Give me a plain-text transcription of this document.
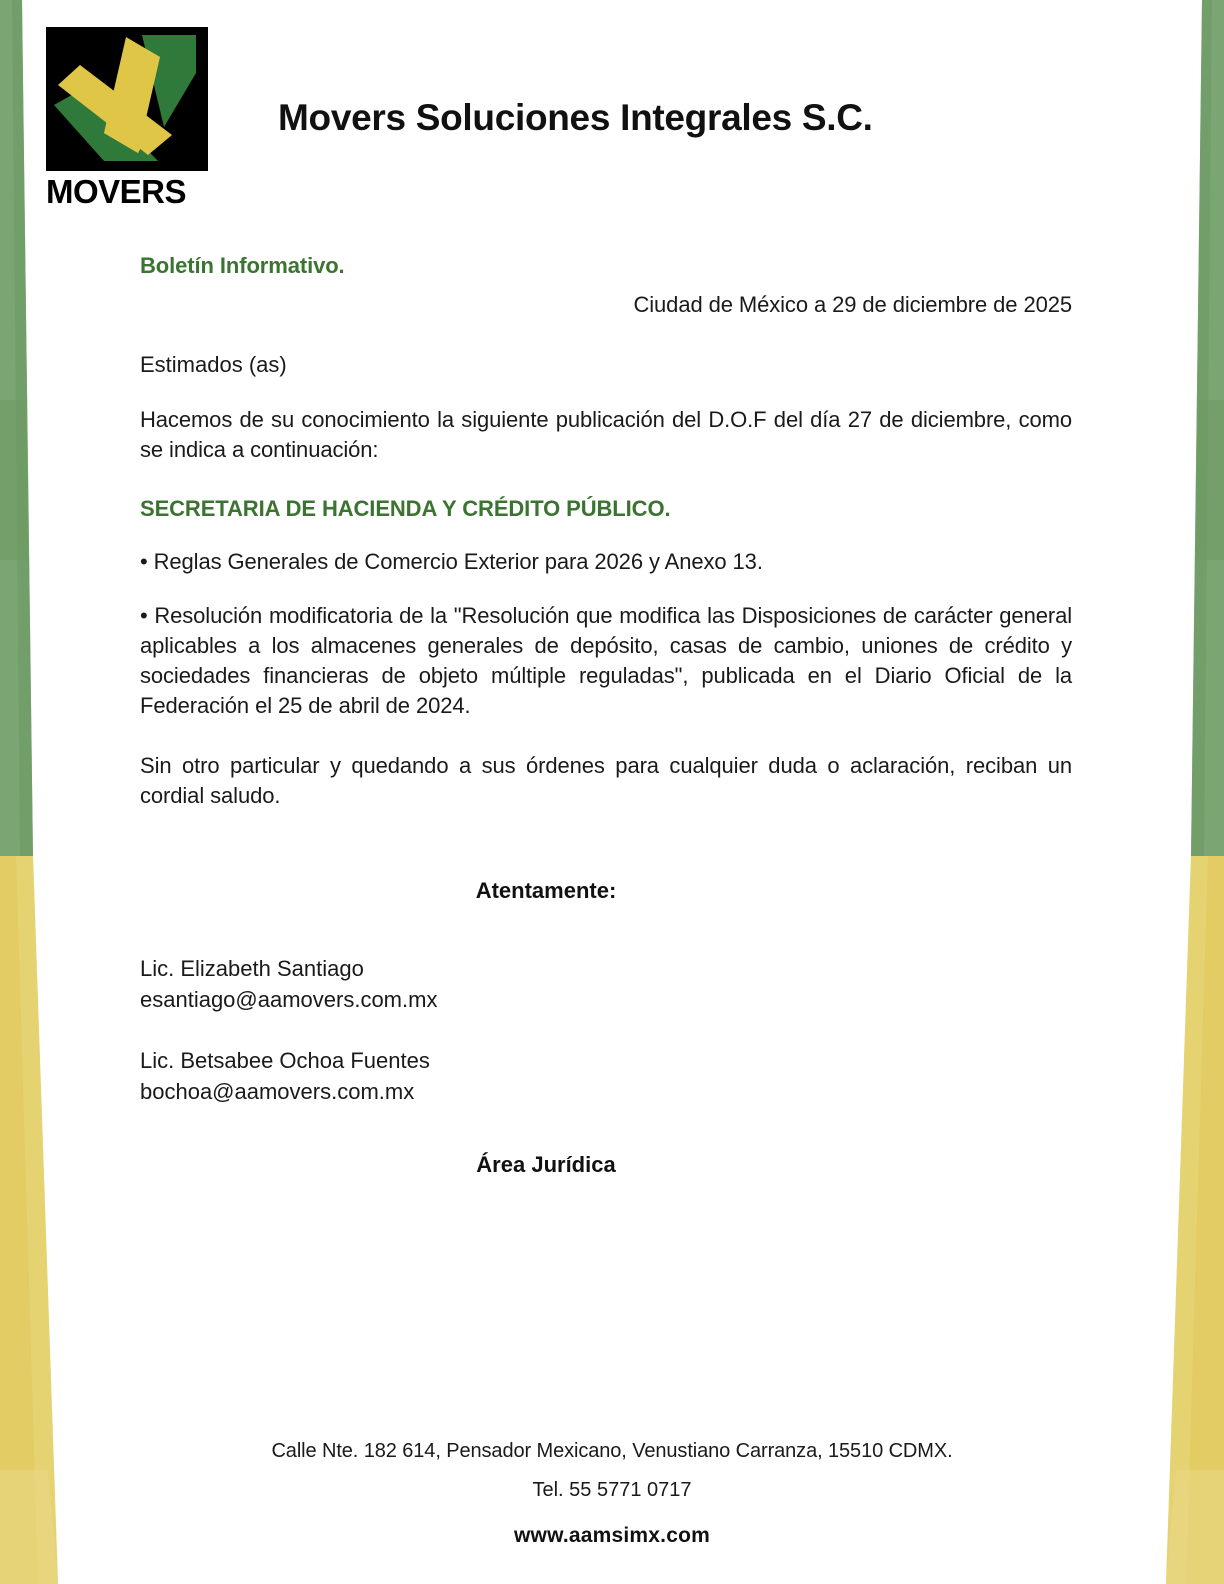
MOVERS
Movers Soluciones Integrales S.C.
Boletín Informativo.
Ciudad de México a 29 de diciembre de 2025
Estimados (as)

Hacemos de su conocimiento la siguiente publicación del D.O.F del día 27 de diciembre, como se indica a continuación:

SECRETARIA DE HACIENDA Y CRÉDITO PÚBLICO.

• Reglas Generales de Comercio Exterior para 2026 y Anexo 13.

• Resolución modificatoria de la "Resolución que modifica las Disposiciones de carácter general aplicables a los almacenes generales de depósito, casas de cambio, uniones de crédito y sociedades financieras de objeto múltiple reguladas", publicada en el Diario Oficial de la Federación el 25 de abril de 2024.

Sin otro particular y quedando a sus órdenes para cualquier duda o aclaración, reciban un cordial saludo.

Atentamente:
Lic. Elizabeth Santiago
esantiago@aamovers.com.mx
Lic. Betsabee Ochoa Fuentes
bochoa@aamovers.com.mx
Área Jurídica
Calle Nte. 182 614, Pensador Mexicano, Venustiano Carranza, 15510 CDMX.
Tel. 55 5771 0717
www.aamsimx.com
